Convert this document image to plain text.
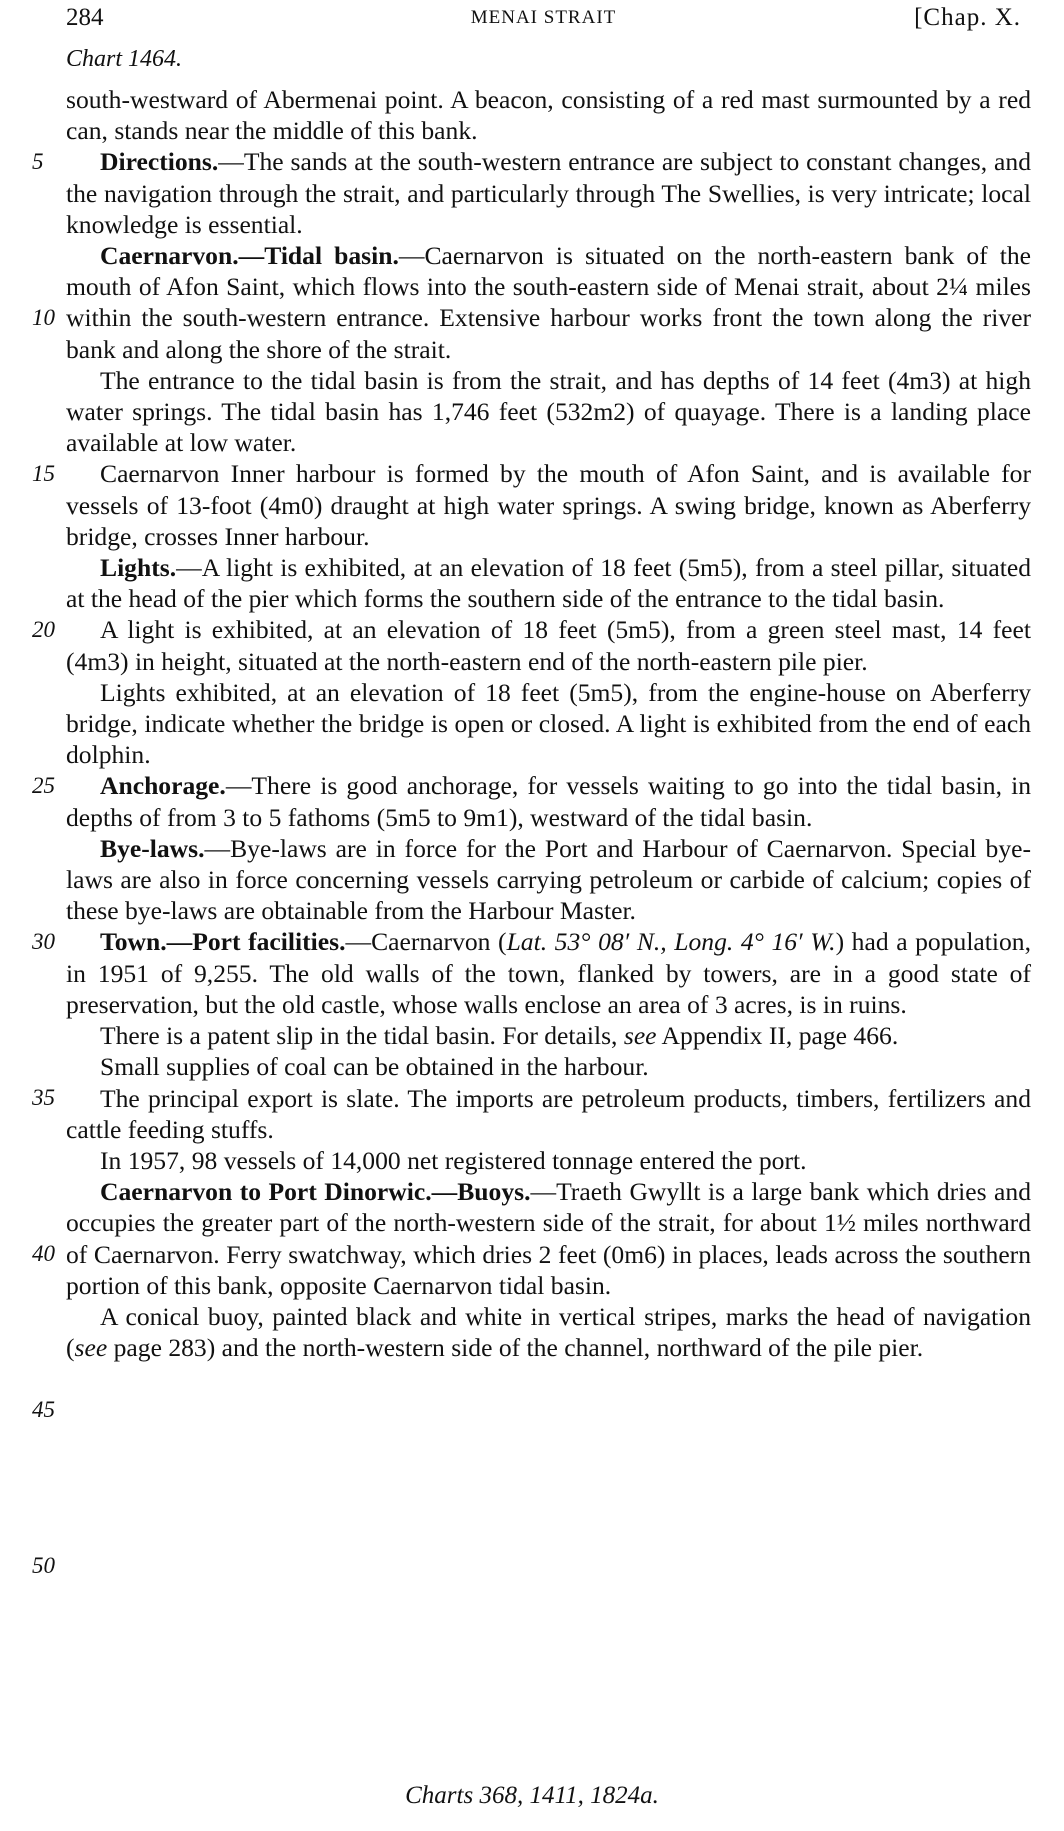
284	MENAI STRAIT	[Chap. X.
Chart 1464.
5
10
15
20
25
30
35
40
45
50

south-westward of Abermenai point. A beacon, consisting of a red mast surmounted by a red can, stands near the middle of this bank.

Directions.—The sands at the south-western entrance are subject to constant changes, and the navigation through the strait, and particularly through The Swellies, is very intricate; local knowledge is essential.

Caernarvon.—Tidal basin.—Caernarvon is situated on the north-eastern bank of the mouth of Afon Saint, which flows into the south-eastern side of Menai strait, about 2¼ miles within the south-western entrance. Extensive harbour works front the town along the river bank and along the shore of the strait.

The entrance to the tidal basin is from the strait, and has depths of 14 feet (4m3) at high water springs. The tidal basin has 1,746 feet (532m2) of quayage. There is a landing place available at low water.

Caernarvon Inner harbour is formed by the mouth of Afon Saint, and is available for vessels of 13-foot (4m0) draught at high water springs. A swing bridge, known as Aberferry bridge, crosses Inner harbour.

Lights.—A light is exhibited, at an elevation of 18 feet (5m5), from a steel pillar, situated at the head of the pier which forms the southern side of the entrance to the tidal basin.

A light is exhibited, at an elevation of 18 feet (5m5), from a green steel mast, 14 feet (4m3) in height, situated at the north-eastern end of the north-eastern pile pier.

Lights exhibited, at an elevation of 18 feet (5m5), from the engine-house on Aberferry bridge, indicate whether the bridge is open or closed. A light is exhibited from the end of each dolphin.

Anchorage.—There is good anchorage, for vessels waiting to go into the tidal basin, in depths of from 3 to 5 fathoms (5m5 to 9m1), westward of the tidal basin.

Bye-laws.—Bye-laws are in force for the Port and Harbour of Caernarvon. Special bye-laws are also in force concerning vessels carrying petroleum or carbide of calcium; copies of these bye-laws are obtainable from the Harbour Master.

Town.—Port facilities.—Caernarvon (Lat. 53° 08′ N., Long. 4° 16′ W.) had a population, in 1951 of 9,255. The old walls of the town, flanked by towers, are in a good state of preservation, but the old castle, whose walls enclose an area of 3 acres, is in ruins.

There is a patent slip in the tidal basin. For details, see Appendix II, page 466.

Small supplies of coal can be obtained in the harbour.

The principal export is slate. The imports are petroleum products, timbers, fertilizers and cattle feeding stuffs.

In 1957, 98 vessels of 14,000 net registered tonnage entered the port.

Caernarvon to Port Dinorwic.—Buoys.—Traeth Gwyllt is a large bank which dries and occupies the greater part of the north-western side of the strait, for about 1½ miles northward of Caernarvon. Ferry swatchway, which dries 2 feet (0m6) in places, leads across the southern portion of this bank, opposite Caernarvon tidal basin.

A conical buoy, painted black and white in vertical stripes, marks the head of navigation (see page 283) and the north-western side of the channel, northward of the pile pier.

Charts 368, 1411, 1824a.
